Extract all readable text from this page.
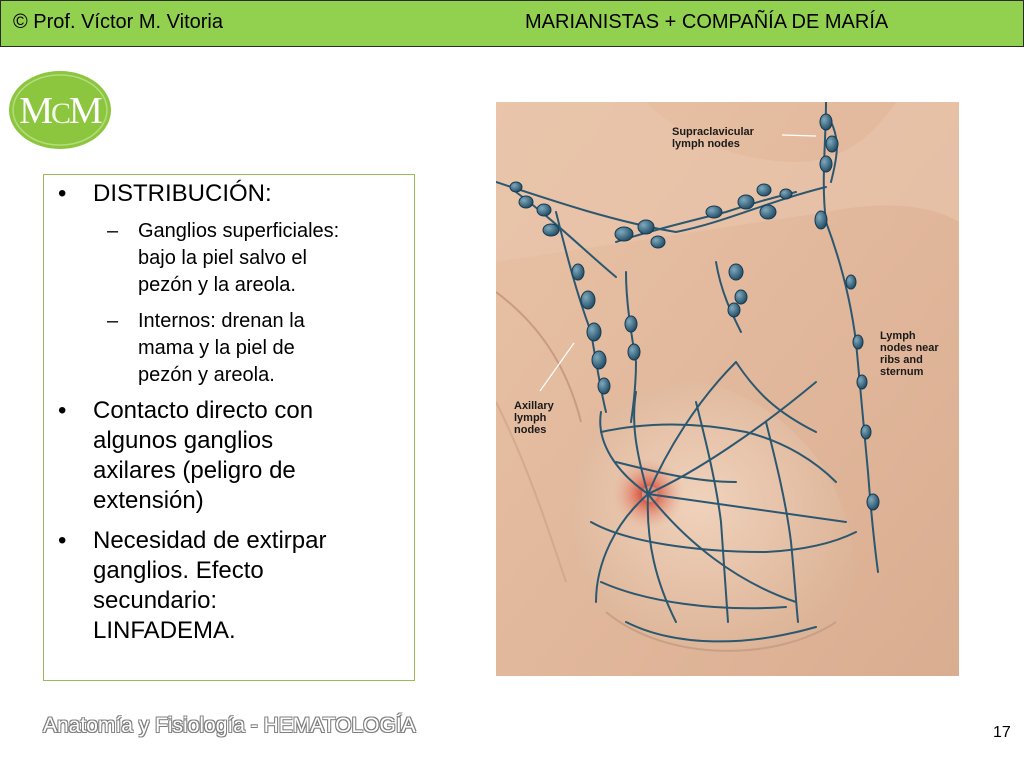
© Prof. Víctor M. Vitoria	MARIANISTAS + COMPAÑÍA DE MARÍA
MCM
• DISTRIBUCIÓN:
– Ganglios superficiales:
bajo la piel salvo el
pezón y la areola.
– Internos: drenan la
mama y la piel de
pezón y areola.
• Contacto directo con
algunos ganglios
axilares (peligro de
extensión)
• Necesidad de extirpar
ganglios. Efecto
secundario:
LINFADEMA.
Supraclavicular lymph nodes
Lymph nodes near ribs and sternum
Axillary lymph nodes
Anatomía y Fisiología - HEMATOLOGÍA	17
